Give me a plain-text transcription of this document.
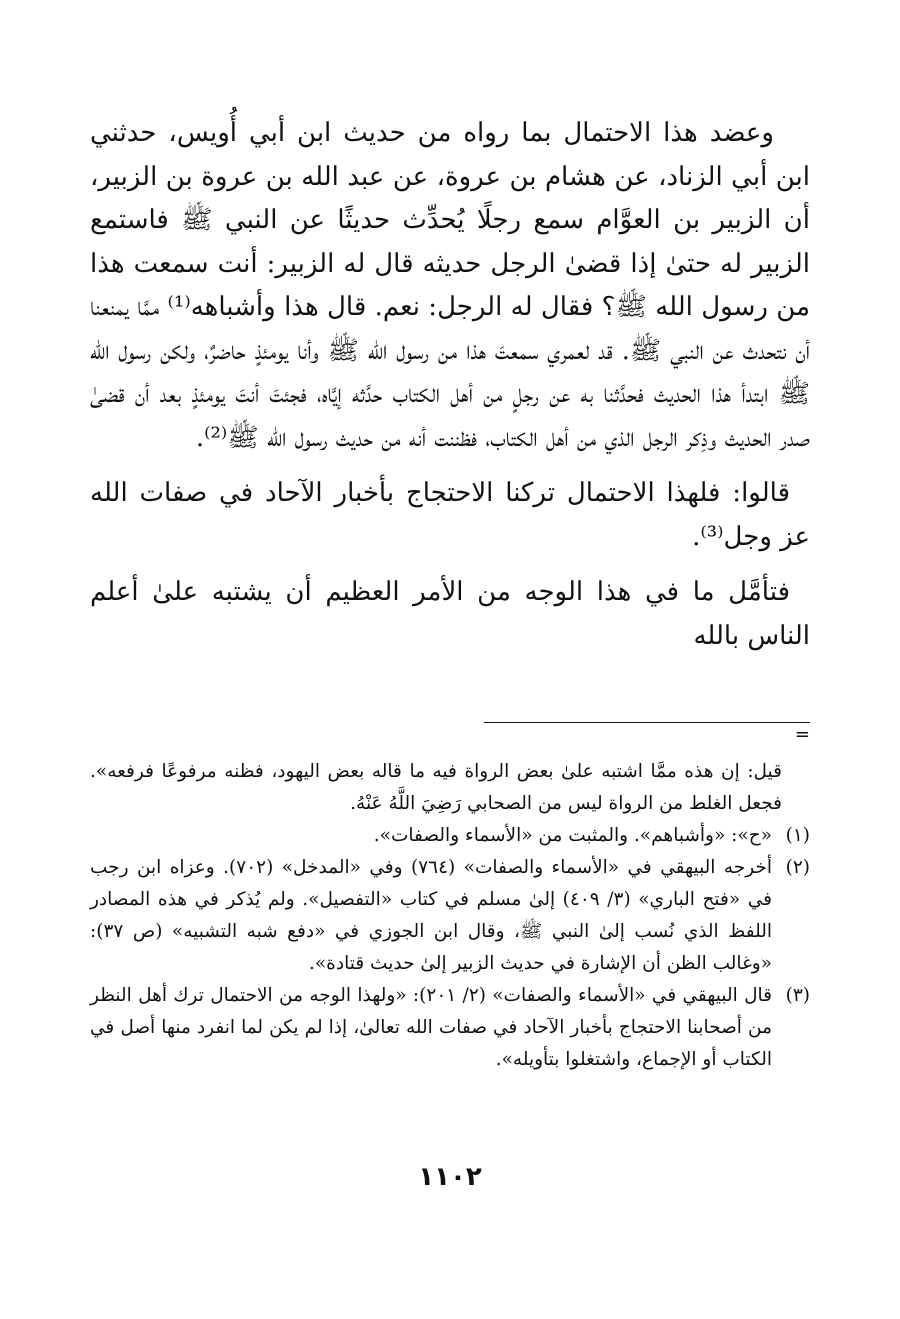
وعضد هذا الاحتمال بما رواه من حديث ابن أبي أُويس، حدثني ابن أبي الزناد، عن هشام بن عروة، عن عبد الله بن عروة بن الزبير، أن الزبير بن العوَّام سمع رجلًا يُحدِّث حديثًا عن النبي ﷺ فاستمع الزبير له حتىٰ إذا قضىٰ الرجل حديثه قال له الزبير: أنت سمعت هذا من رسول الله ﷺ؟ فقال له الرجل: نعم. قال هذا وأشباهه⁽¹⁾ ممَّا يمنعنا أن نتحدث عن النبي ﷺ. قد لعمري سمعتَ هذا من رسول الله ﷺ وأنا يومئذٍ حاضرٌ، ولكن رسول الله ﷺ ابتدأ هذا الحديث فحدَّثنا به عن رجلٍ من أهل الكتاب حدَّثه إيَّاه، فجئتَ أنتَ يومئذٍ بعد أن قضىٰ صدر الحديث وذِكر الرجل الذي من أهل الكتاب، فظننت أنه من حديث رسول الله ﷺ⁽²⁾.

قالوا: فلهذا الاحتمال تركنا الاحتجاج بأخبار الآحاد في صفات الله عز وجل⁽³⁾.

فتأمَّل ما في هذا الوجه من الأمر العظيم أن يشتبه علىٰ أعلم الناس بالله

=

قيل: إن هذه ممَّا اشتبه علىٰ بعض الرواة فيه ما قاله بعض اليهود، فظنه مرفوعًا فرفعه». فجعل الغلط من الرواة ليس من الصحابي رَضِيَ اللَّهُ عَنْهُ.

(١)
«ح»: «وأشباهم». والمثبت من «الأسماء والصفات».
(٢)
أخرجه البيهقي في «الأسماء والصفات» (٧٦٤) وفي «المدخل» (٧٠٢). وعزاه ابن رجب في «فتح الباري» (٣/ ٤٠٩) إلىٰ مسلم في كتاب «التفصيل». ولم يُذكر في هذه المصادر اللفظ الذي نُسب إلىٰ النبي ﷺ، وقال ابن الجوزي في «دفع شبه التشبيه» (ص ٣٧): «وغالب الظن أن الإشارة في حديث الزبير إلىٰ حديث قتادة».
(٣)
قال البيهقي في «الأسماء والصفات» (٢/ ٢٠١): «ولهذا الوجه من الاحتمال ترك أهل النظر من أصحابنا الاحتجاج بأخبار الآحاد في صفات الله تعالىٰ، إذا لم يكن لما انفرد منها أصل في الكتاب أو الإجماع، واشتغلوا بتأويله».
١١٠٢
